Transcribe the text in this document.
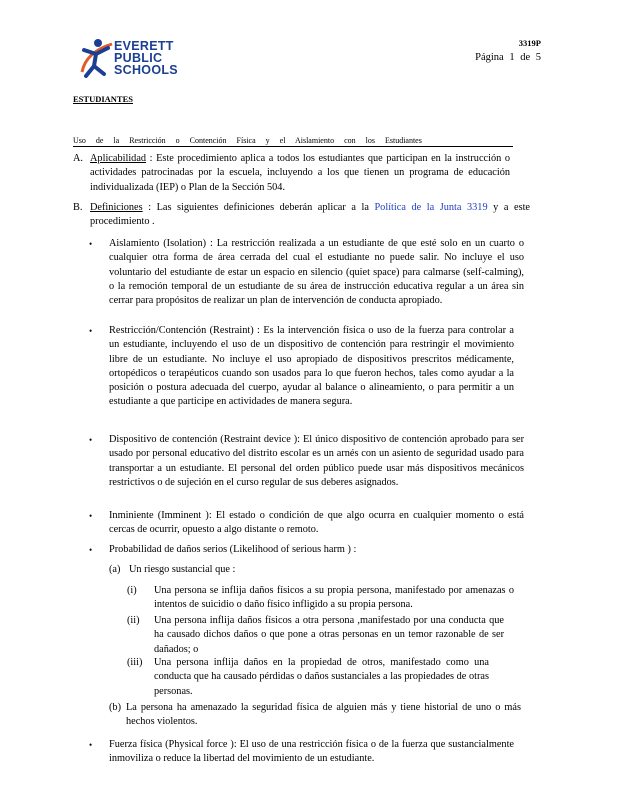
EVERETT
PUBLIC
SCHOOLS
3319P
Página 1 de 5
ESTUDIANTES
Uso de la Restricción o Contención Física y el Aislamiento con los Estudiantes
A. Aplicabilidad : Este procedimiento aplica a todos los estudiantes que participan en la instrucción o actividades patrocinadas por la escuela, incluyendo a los que tienen un programa de educación individualizada (IEP) o Plan de la Sección 504.
B. Definiciones : Las siguientes definiciones deberán aplicar a la Política de la Junta 3319 y a este procedimiento .
• Aislamiento (Isolation) : La restricción realizada a un estudiante de que esté solo en un cuarto o cualquier otra forma de área cerrada del cual el estudiante no puede salir. No incluye el uso voluntario del estudiante de estar un espacio en silencio (quiet space) para calmarse (self-calming), o la remoción temporal de un estudiante de su área de instrucción educativa regular a un área sin cerrar para propósitos de realizar un plan de intervención de conducta apropiado.
• Restricción/Contención (Restraint) : Es la intervención física o uso de la fuerza para controlar a un estudiante, incluyendo el uso de un dispositivo de contención para restringir el movimiento libre de un estudiante. No incluye el uso apropiado de dispositivos prescritos médicamente, ortopédicos o terapéuticos cuando son usados para lo que fueron hechos, tales como ayudar a la posición o postura adecuada del cuerpo, ayudar al balance o alineamiento, o para permitir a un estudiante a que participe en actividades de manera segura.
• Dispositivo de contención (Restraint device ): El único dispositivo de contención aprobado para ser usado por personal educativo del distrito escolar es un arnés con un asiento de seguridad usado para transportar a un estudiante. El personal del orden público puede usar más dispositivos mecánicos restrictivos o de sujeción en el curso regular de sus deberes asignados.
• Inminiente (Imminent ): El estado o condición de que algo ocurra en cualquier momento o está cercas de ocurrir, opuesto a algo distante o remoto.
• Probabilidad de daños serios (Likelihood of serious harm ) :
(a) Un riesgo sustancial que :
(i) Una persona se inflija daños físicos a su propia persona, manifestado por amenazas o intentos de suicidio o daño físico infligido a su propia persona.
(ii) Una persona inflija daños físicos a otra persona ,manifestado por una conducta que ha causado dichos daños o que pone a otras personas en un temor razonable de ser dañados; o
(iii) Una persona inflija daños en la propiedad de otros, manifestado como una conducta que ha causado pérdidas o daños sustanciales a las propiedades de otras personas.
(b) La persona ha amenazado la seguridad física de alguien más y tiene historial de uno o más hechos violentos.
• Fuerza física (Physical force ): El uso de una restricción física o de la fuerza que sustancialmente inmoviliza o reduce la libertad del movimiento de un estudiante.
